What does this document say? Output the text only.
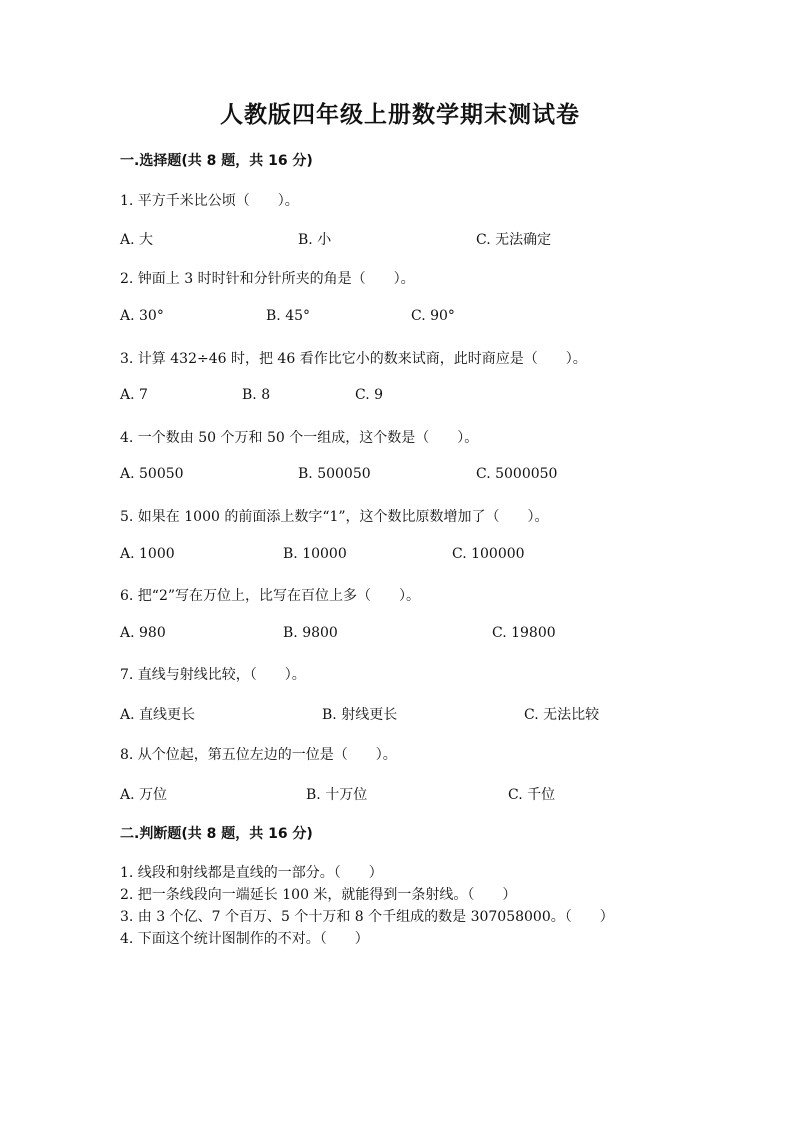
人教版四年级上册数学期末测试卷
一.选择题(共 8 题，共 16 分)
1. 平方千米比公顷（　　）。
A. 大	B. 小	C. 无法确定
2. 钟面上 3 时时针和分针所夹的角是（　　）。
A. 30°	B. 45°	C. 90°
3. 计算 432÷46 时，把 46 看作比它小的数来试商，此时商应是（　　）。
A. 7	B. 8	C. 9
4. 一个数由 50 个万和 50 个一组成，这个数是（　　）。
A. 50050	B. 500050	C. 5000050
5. 如果在 1000 的前面添上数字“1”，这个数比原数增加了（　　）。
A. 1000	B. 10000	C. 100000
6. 把“2”写在万位上，比写在百位上多（　　）。
A. 980	B. 9800	C. 19800
7. 直线与射线比较，（　　）。
A. 直线更长	B. 射线更长	C. 无法比较
8. 从个位起，第五位左边的一位是（　　）。
A. 万位	B. 十万位	C. 千位
二.判断题(共 8 题，共 16 分)
1. 线段和射线都是直线的一部分。（　　）
2. 把一条线段向一端延长 100 米，就能得到一条射线。（　　）
3. 由 3 个亿、7 个百万、5 个十万和 8 个千组成的数是 307058000。（　　）
4. 下面这个统计图制作的不对。（　　）
